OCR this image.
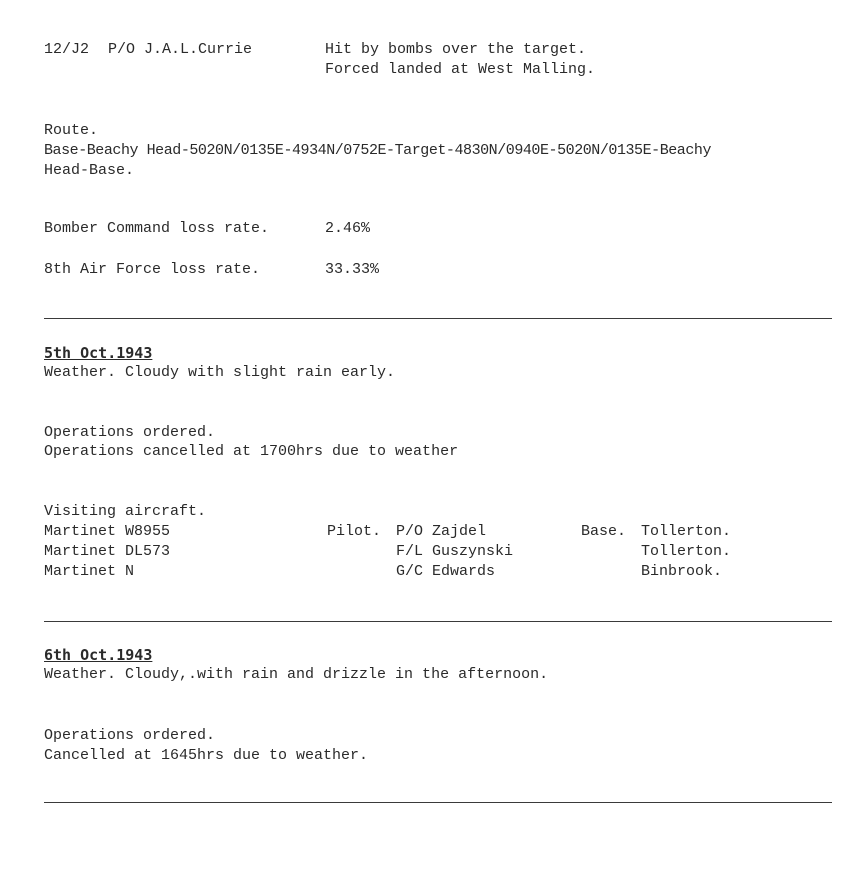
12/J2 P/O J.A.L.Currie	Hit by bombs over the target.
Forced landed at West Malling.
Route.
Base-Beachy Head-5020N/0135E-4934N/0752E-Target-4830N/0940E-5020N/0135E-Beachy
Head-Base.
Bomber Command loss rate.	2.46%
8th Air Force loss rate.	33.33%
5th Oct.1943
Weather. Cloudy with slight rain early.
Operations ordered.
Operations cancelled at 1700hrs due to weather
Visiting aircraft.
Martinet W8955	Pilot. P/O Zajdel	Base. Tollerton.
Martinet DL573	F/L Guszynski	Tollerton.
Martinet N	G/C Edwards	Binbrook.
6th Oct.1943
Weather. Cloudy,.with rain and drizzle in the afternoon.
Operations ordered.
Cancelled at 1645hrs due to weather.
